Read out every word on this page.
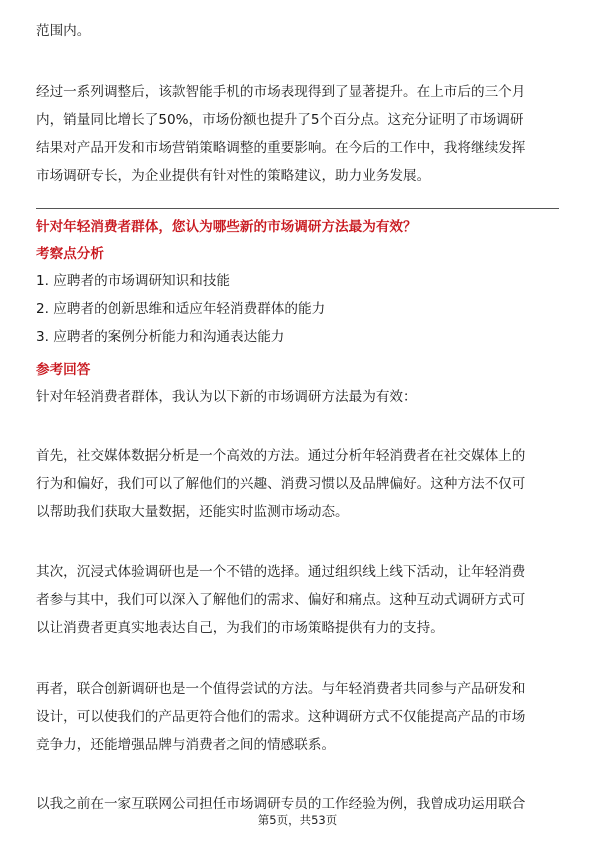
范围内。

经过一系列调整后，该款智能手机的市场表现得到了显著提升。在上市后的三个月

内，销量同比增长了50%，市场份额也提升了5个百分点。这充分证明了市场调研

结果对产品开发和市场营销策略调整的重要影响。在今后的工作中，我将继续发挥

市场调研专长，为企业提供有针对性的策略建议，助力业务发展。

针对年轻消费者群体，您认为哪些新的市场调研方法最为有效？

考察点分析

1. 应聘者的市场调研知识和技能

2. 应聘者的创新思维和适应年轻消费群体的能力

3. 应聘者的案例分析能力和沟通表达能力

参考回答

针对年轻消费者群体，我认为以下新的市场调研方法最为有效：

首先，社交媒体数据分析是一个高效的方法。通过分析年轻消费者在社交媒体上的

行为和偏好，我们可以了解他们的兴趣、消费习惯以及品牌偏好。这种方法不仅可

以帮助我们获取大量数据，还能实时监测市场动态。

其次，沉浸式体验调研也是一个不错的选择。通过组织线上线下活动，让年轻消费

者参与其中，我们可以深入了解他们的需求、偏好和痛点。这种互动式调研方式可

以让消费者更真实地表达自己，为我们的市场策略提供有力的支持。

再者，联合创新调研也是一个值得尝试的方法。与年轻消费者共同参与产品研发和

设计，可以使我们的产品更符合他们的需求。这种调研方式不仅能提高产品的市场

竞争力，还能增强品牌与消费者之间的情感联系。

以我之前在一家互联网公司担任市场调研专员的工作经验为例，我曾成功运用联合

第5页，共53页
